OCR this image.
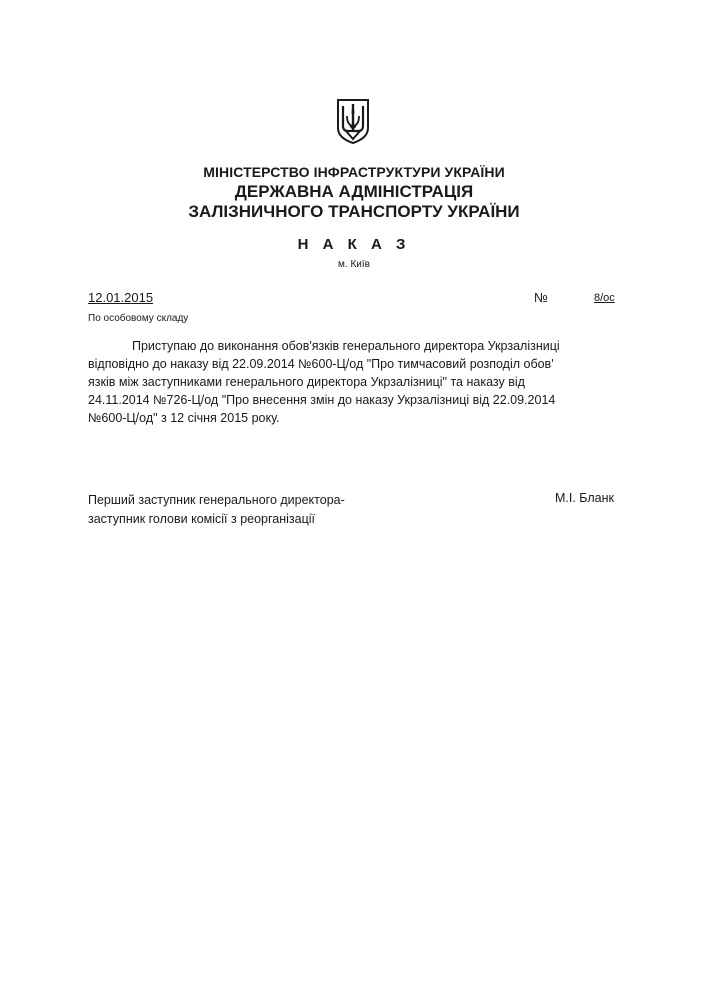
МІНІСТЕРСТВО ІНФРАСТРУКТУРИ УКРАЇНИ
ДЕРЖАВНА АДМІНІСТРАЦІЯ
ЗАЛІЗНИЧНОГО ТРАНСПОРТУ УКРАЇНИ
Н А К А З
м. Київ
12.01.2015	№	8/ос
По особовому складу
Приступаю до виконання обов'язків генерального директора Укрзалізниці
відповідно до наказу від 22.09.2014 №600-Ц/од "Про тимчасовий розподіл обов'
язків між заступниками генерального директора Укрзалізниці" та наказу від
24.11.2014 №726-Ц/од "Про внесення змін до наказу Укрзалізниці від 22.09.2014
№600-Ц/од" з 12 січня 2015 року.
Перший заступник генерального директора-
заступник голови комісії з реорганізації
М.І. Бланк
